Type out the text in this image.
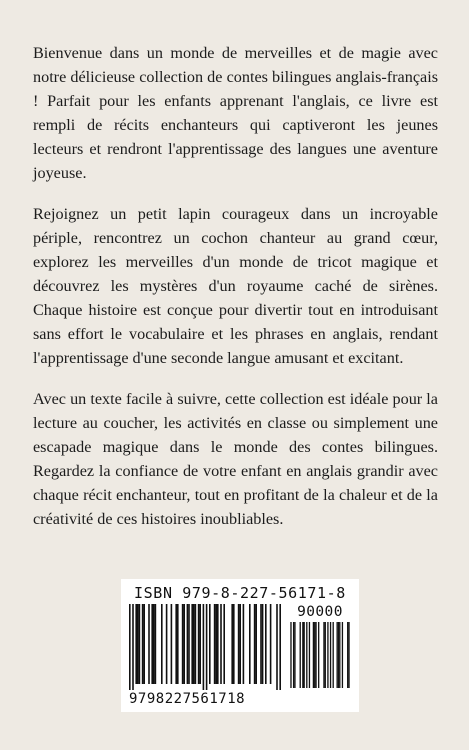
Bienvenue dans un monde de merveilles et de magie avec notre délicieuse collection de contes bilingues anglais-français ! Parfait pour les enfants apprenant l'anglais, ce livre est rempli de récits enchanteurs qui captiveront les jeunes lecteurs et rendront l'apprentissage des langues une aventure joyeuse.

Rejoignez un petit lapin courageux dans un incroyable périple, rencontrez un cochon chanteur au grand cœur, explorez les merveilles d'un monde de tricot magique et découvrez les mystères d'un royaume caché de sirènes. Chaque histoire est conçue pour divertir tout en introduisant sans effort le vocabulaire et les phrases en anglais, rendant l'apprentissage d'une seconde langue amusant et excitant.

Avec un texte facile à suivre, cette collection est idéale pour la lecture au coucher, les activités en classe ou simplement une escapade magique dans le monde des contes bilingues. Regardez la confiance de votre enfant en anglais grandir avec chaque récit enchanteur, tout en profitant de la chaleur et de la créativité de ces histoires inoubliables.

ISBN 979-8-227-56171-8
90000
9798227561718
